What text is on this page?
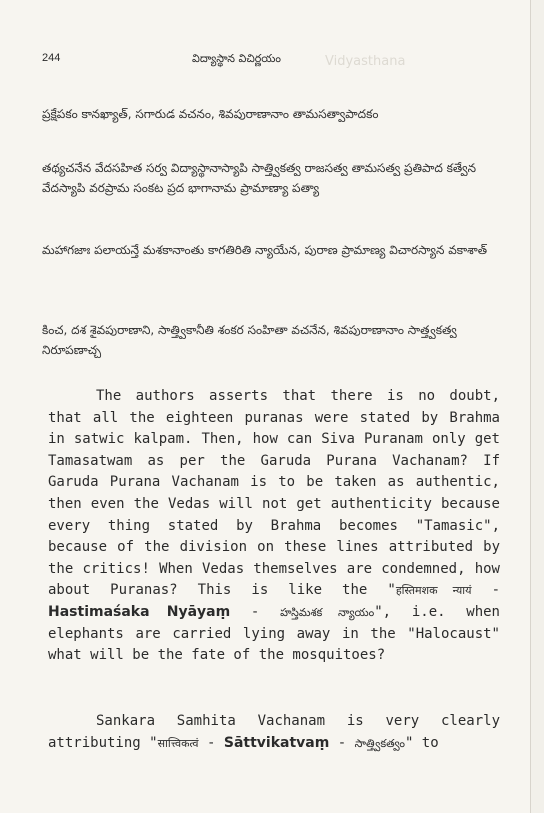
244	విద్యాస్థాన విచిర్ణయం	Vidyasthana
ప్రక్షేపకం కానఖ్యాత్, సగారుడ వచనం, శివపురాణానాం తామసత్వాపాదకం
తథ్యచనేన వేదసహిత సర్వ విద్యాస్థానాస్యాపి సాత్త్వికత్వ రాజసత్వ తామసత్వ ప్రతిపాద కత్వేన వేదస్యాపి వరప్రామ సంకట ప్రద భాగానామ ప్రామాణ్యా పత్యా
మహాగజాః పలాయన్తే మశకానాంతు కాగతిరితి న్యాయేన, పురాణ ప్రామాణ్య విచారస్యాన వకాశాత్
కించ, దశ శైవపురాణాని, సాత్త్వికానీతి శంకర సంహితా వచనేన, శివపురాణానాం సాత్త్వకత్వ నిరూపణాచ్చ
The authors asserts that there is no doubt, that all the eighteen puranas were stated by Brahma in satwic kalpam. Then, how can Siva Puranam only get Tamasatwam as per the Garuda Purana Vachanam? If Garuda Purana Vachanam is to be taken as authentic, then even the Vedas will not get authenticity because every thing stated by Brahma becomes "Tamasic", because of the division on these lines attributed by the critics! When Vedas themselves are condemned, how about Puranas? This is like the "हस्तिमशक न्यायं - Hastimaśaka Nyāyaṃ - హస్తిమశక న్యాయం", i.e. when elephants are carried lying away in the "Halocaust" what will be the fate of the mosquitoes?
Sankara Samhita Vachanam is very clearly attributing "सात्त्विकत्वं - Sāttvikatvaṃ - సాత్త్వికత్వం" to
